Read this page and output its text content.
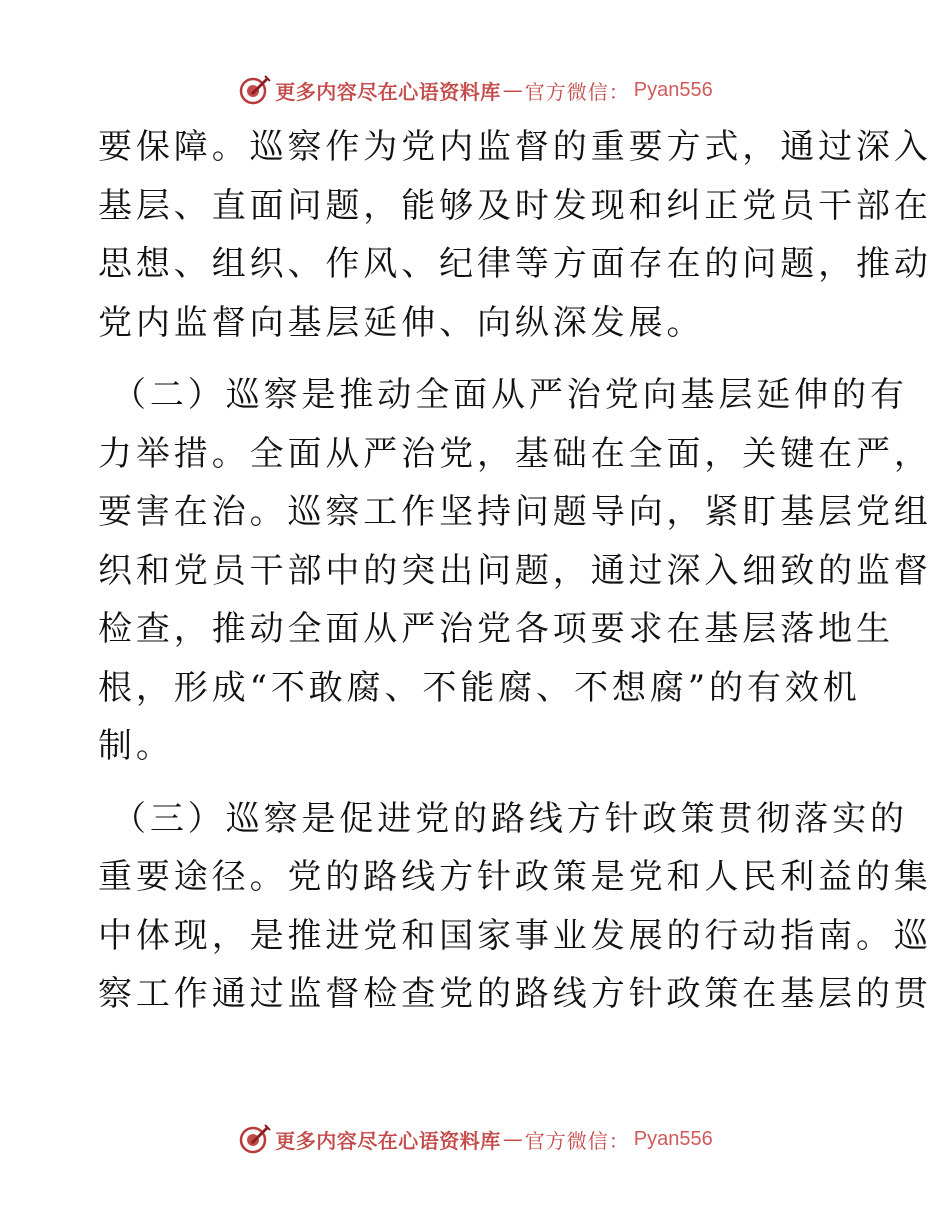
更多内容尽在心语资料库 — 官方微信： Pyan556

要保障。巡察作为党内监督的重要方式，通过深入
基层、直面问题，能够及时发现和纠正党员干部在
思想、组织、作风、纪律等方面存在的问题，推动
党内监督向基层延伸、向纵深发展。

（二）巡察是推动全面从严治党向基层延伸的有
力举措。全面从严治党，基础在全面，关键在严，
要害在治。巡察工作坚持问题导向，紧盯基层党组
织和党员干部中的突出问题，通过深入细致的监督
检查，推动全面从严治党各项要求在基层落地生
根，形成“不敢腐、不能腐、不想腐”的有效机
制。

（三）巡察是促进党的路线方针政策贯彻落实的
重要途径。党的路线方针政策是党和人民利益的集
中体现，是推进党和国家事业发展的行动指南。巡
察工作通过监督检查党的路线方针政策在基层的贯

更多内容尽在心语资料库 — 官方微信： Pyan556
